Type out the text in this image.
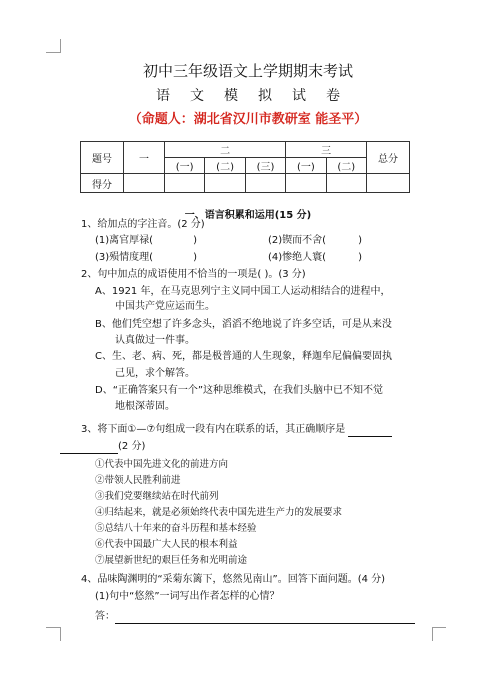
初中三年级语文上学期期末考试
语 文 模 拟 试 卷
（命题人：湖北省汉川市教研室 能圣平）
题号	一	二			三		总分
		(一)	(二)	(三)	(一)	(二)	
得分							
一、语言积累和运用(15 分)
1、给加点的字注音。(2 分)
(1)离官厚禄(	)	(2)锲而不舍(	)
(3)殒情度理(	)	(4)惨绝人寰(	)
2、句中加点的成语使用不恰当的一项是( )。(3 分)
A、1921 年，在马克思列宁主义同中国工人运动相结合的进程中，
中国共产党应运而生。
B、他们凭空想了许多念头，滔滔不绝地说了许多空话，可是从来没
认真做过一件事。
C、生、老、病、死，都是极普通的人生现象，释迦牟尼偏偏要固执
己见，求个解答。
D、“正确答案只有一个”这种思维模式，在我们头脑中已不知不觉
地根深蒂固。
3、将下面①—⑦句组成一段有内在联系的话，其正确顺序是
(2 分)
①代表中国先进文化的前进方向
②带领人民胜利前进
③我们党要继续站在时代前列
④归结起来，就是必须始终代表中国先进生产力的发展要求
⑤总结八十年来的奋斗历程和基本经验
⑥代表中国最广大人民的根本利益
⑦展望新世纪的艰巨任务和光明前途
4、品味陶渊明的“采菊东篱下，悠然见南山”。回答下面问题。(4 分)
(1)句中“悠然”一词写出作者怎样的心情？
答：
